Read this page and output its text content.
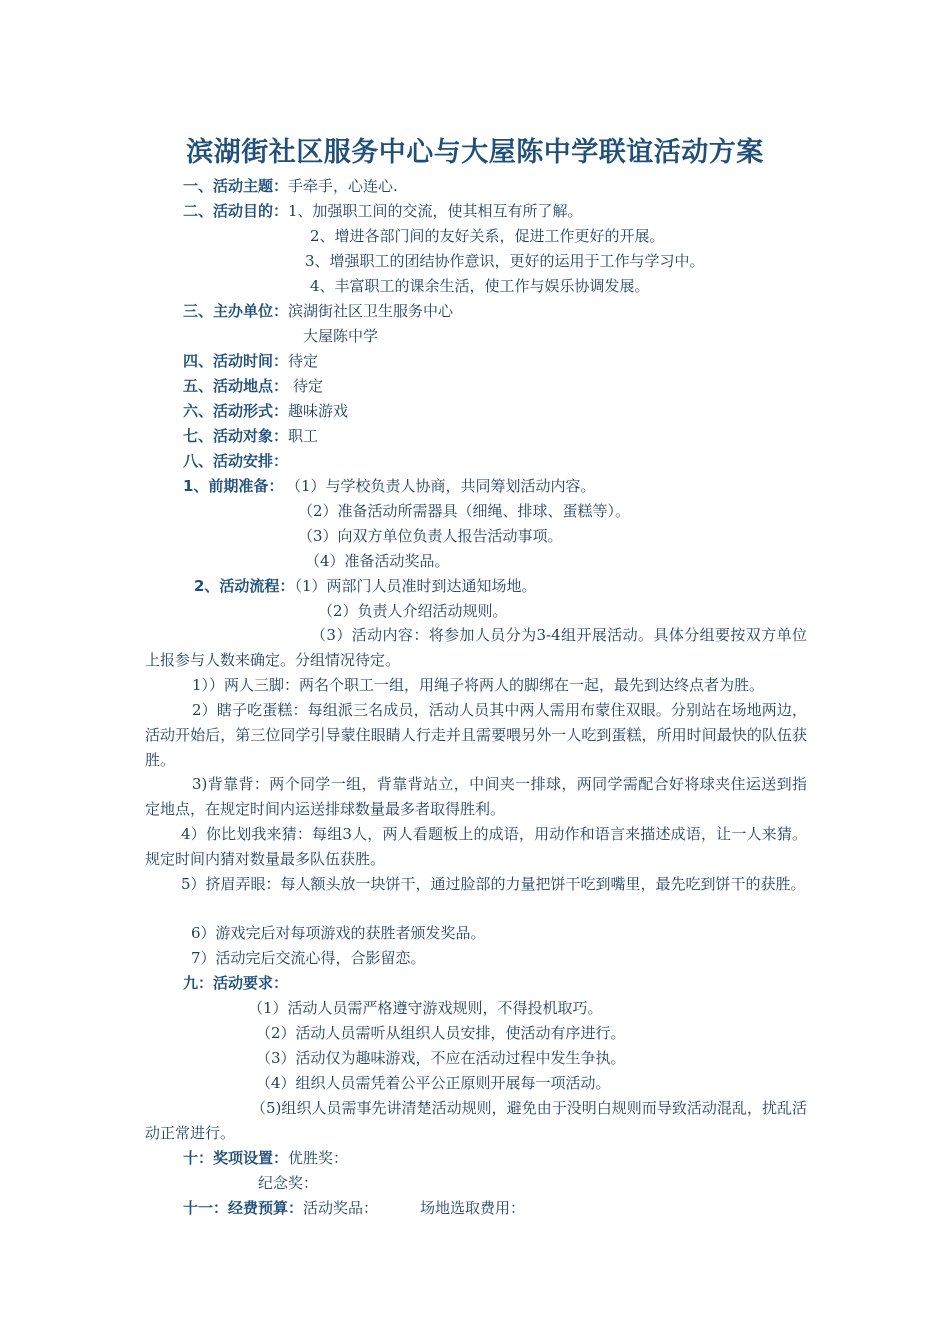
滨湖街社区服务中心与大屋陈中学联谊活动方案
一、活动主题：手牵手，心连心.
二、活动目的：1、加强职工间的交流，使其相互有所了解。
2、增进各部门间的友好关系，促进工作更好的开展。
3、增强职工的团结协作意识，更好的运用于工作与学习中。
4、丰富职工的课余生活，使工作与娱乐协调发展。
三、主办单位：滨湖街社区卫生服务中心
大屋陈中学
四、活动时间：待定
五、活动地点： 待定
六、活动形式：趣味游戏
七、活动对象：职工
八、活动安排：
1、前期准备： （1）与学校负责人协商，共同筹划活动内容。
（2）准备活动所需器具（细绳、排球、蛋糕等）。
（3）向双方单位负责人报告活动事项。
（4）准备活动奖品。
2、活动流程：（1）两部门人员准时到达通知场地。
（2）负责人介绍活动规则。
（3）活动内容：将参加人员分为3-4组开展活动。具体分组要按双方单位上报参与人数来确定。分组情况待定。
1））两人三脚：两名个职工一组，用绳子将两人的脚绑在一起，最先到达终点者为胜。
2）瞎子吃蛋糕：每组派三名成员，活动人员其中两人需用布蒙住双眼。分别站在场地两边，活动开始后，第三位同学引导蒙住眼睛人行走并且需要喂另外一人吃到蛋糕，所用时间最快的队伍获胜。
3)背靠背：两个同学一组，背靠背站立，中间夹一排球，两同学需配合好将球夹住运送到指定地点，在规定时间内运送排球数量最多者取得胜利。
4）你比划我来猜：每组3人，两人看题板上的成语，用动作和语言来描述成语，让一人来猜。规定时间内猜对数量最多队伍获胜。
5）挤眉弄眼：每人额头放一块饼干，通过脸部的力量把饼干吃到嘴里，最先吃到饼干的获胜。
6）游戏完后对每项游戏的获胜者颁发奖品。
7）活动完后交流心得，合影留恋。
九：活动要求：
（1）活动人员需严格遵守游戏规则，不得投机取巧。
（2）活动人员需听从组织人员安排，使活动有序进行。
（3）活动仅为趣味游戏，不应在活动过程中发生争执。
（4）组织人员需凭着公平公正原则开展每一项活动。
（5)组织人员需事先讲清楚活动规则，避免由于没明白规则而导致活动混乱，扰乱活动正常进行。
十：奖项设置：优胜奖：
纪念奖：
十一：经费预算：活动奖品：	场地选取费用：
